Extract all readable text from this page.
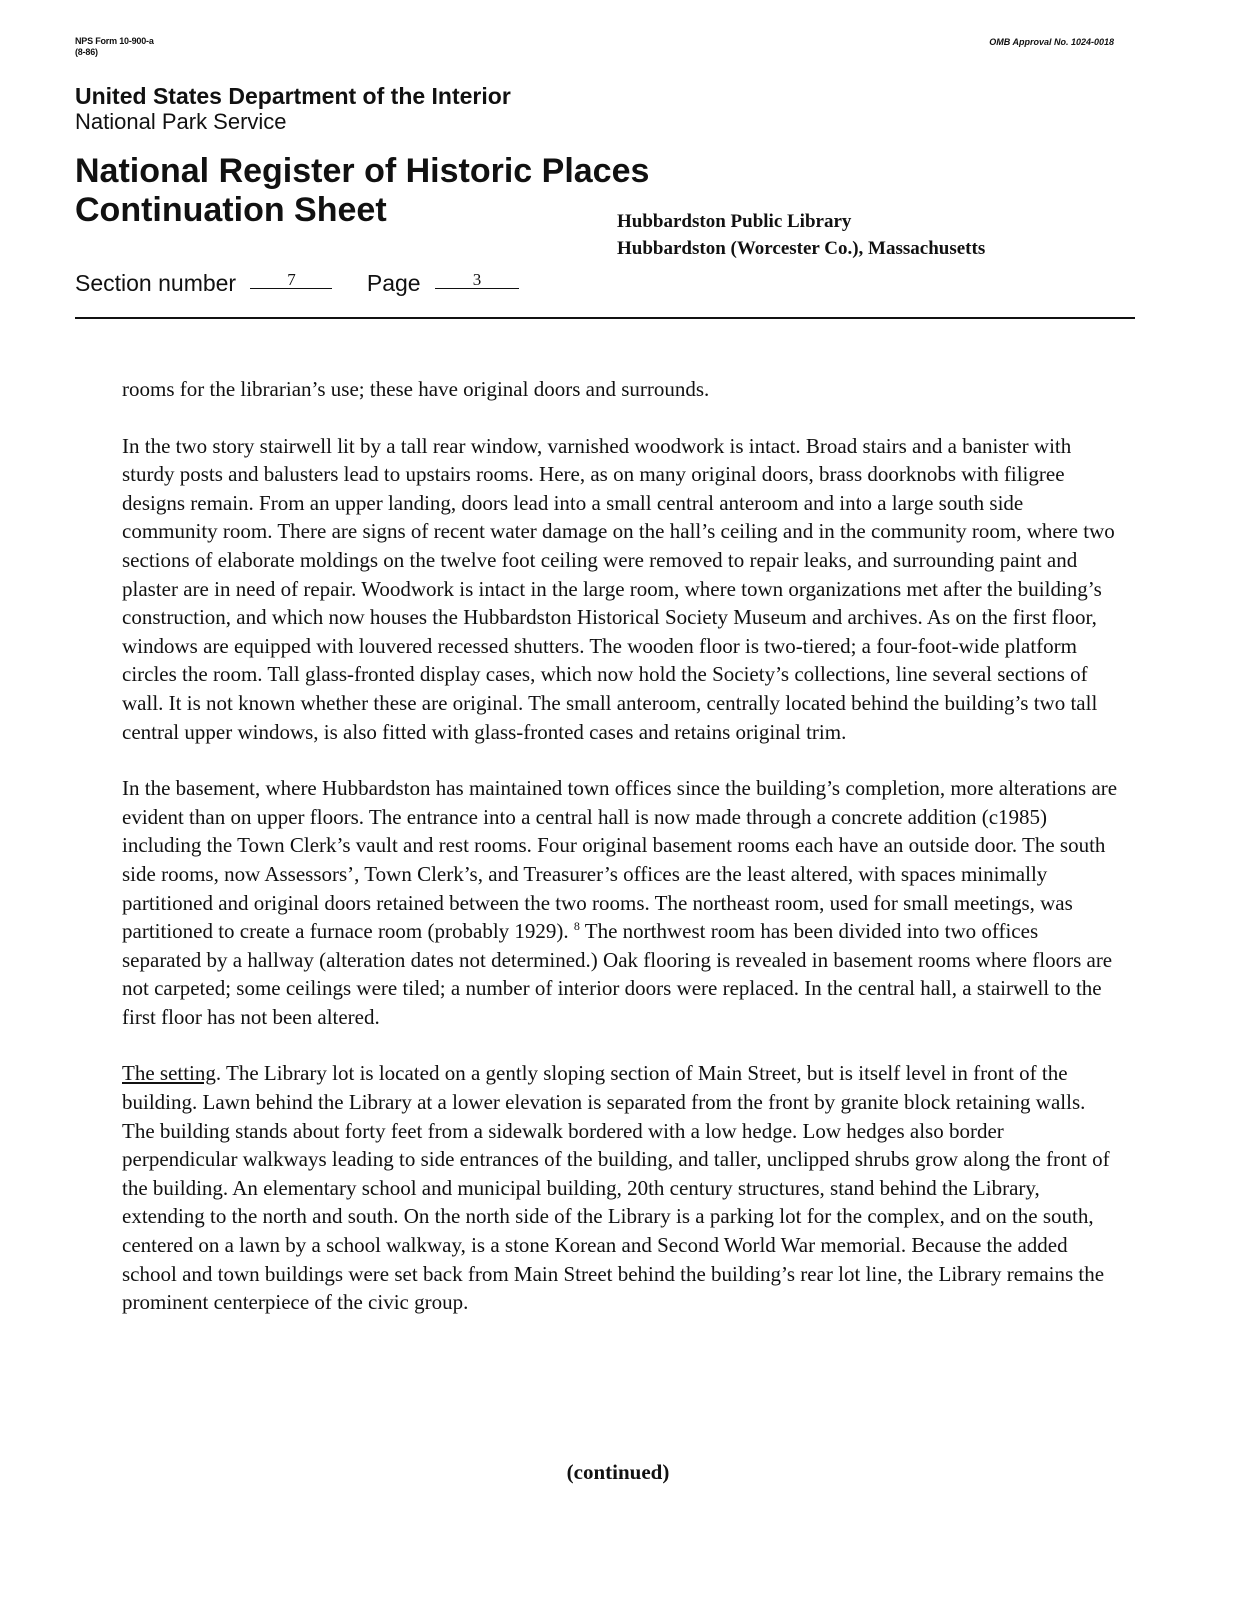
NPS Form 10-900-a
(8-86)
OMB Approval No. 1024-0018
United States Department of the Interior
National Park Service
National Register of Historic Places
Continuation Sheet	Hubbardston Public Library
Hubbardston (Worcester Co.), Massachusetts
Section number	7	Page	3

rooms for the librarian’s use; these have original doors and surrounds.

In the two story stairwell lit by a tall rear window, varnished woodwork is intact. Broad stairs and a banister with sturdy posts and balusters lead to upstairs rooms. Here, as on many original doors, brass doorknobs with filigree designs remain. From an upper landing, doors lead into a small central anteroom and into a large south side community room. There are signs of recent water damage on the hall’s ceiling and in the community room, where two sections of elaborate moldings on the twelve foot ceiling were removed to repair leaks, and surrounding paint and plaster are in need of repair. Woodwork is intact in the large room, where town organizations met after the building’s construction, and which now houses the Hubbardston Historical Society Museum and archives. As on the first floor, windows are equipped with louvered recessed shutters. The wooden floor is two-tiered; a four-foot-wide platform circles the room. Tall glass-fronted display cases, which now hold the Society’s collections, line several sections of wall. It is not known whether these are original. The small anteroom, centrally located behind the building’s two tall central upper windows, is also fitted with glass-fronted cases and retains original trim.

In the basement, where Hubbardston has maintained town offices since the building’s completion, more alterations are evident than on upper floors. The entrance into a central hall is now made through a concrete addition (c1985) including the Town Clerk’s vault and rest rooms. Four original basement rooms each have an outside door. The south side rooms, now Assessors’, Town Clerk’s, and Treasurer’s offices are the least altered, with spaces minimally partitioned and original doors retained between the two rooms. The northeast room, used for small meetings, was partitioned to create a furnace room (probably 1929). $^8$ The northwest room has been divided into two offices separated by a hallway (alteration dates not determined.) Oak flooring is revealed in basement rooms where floors are not carpeted; some ceilings were tiled; a number of interior doors were replaced. In the central hall, a stairwell to the first floor has not been altered.

The setting. The Library lot is located on a gently sloping section of Main Street, but is itself level in front of the building. Lawn behind the Library at a lower elevation is separated from the front by granite block retaining walls. The building stands about forty feet from a sidewalk bordered with a low hedge. Low hedges also border perpendicular walkways leading to side entrances of the building, and taller, unclipped shrubs grow along the front of the building. An elementary school and municipal building, 20th century structures, stand behind the Library, extending to the north and south. On the north side of the Library is a parking lot for the complex, and on the south, centered on a lawn by a school walkway, is a stone Korean and Second World War memorial. Because the added school and town buildings were set back from Main Street behind the building’s rear lot line, the Library remains the prominent centerpiece of the civic group.

(continued)
